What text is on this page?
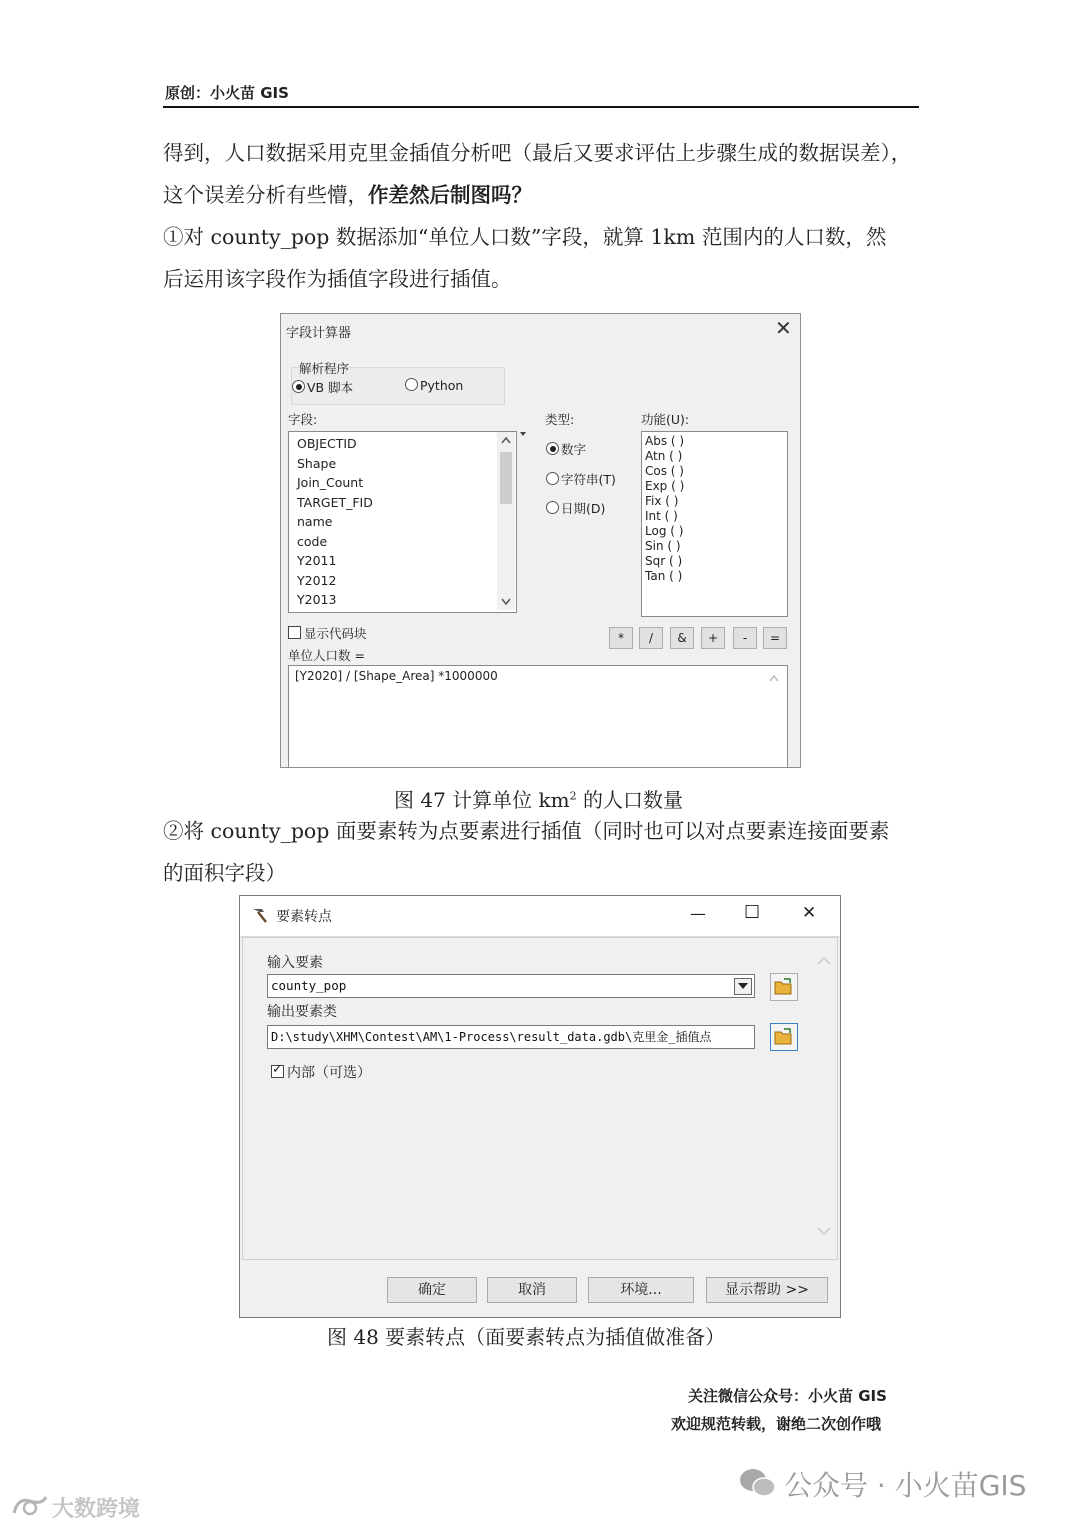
原创：小火苗 GIS
得到，人口数据采用克里金插值分析吧（最后又要求评估上步骤生成的数据误差），
这个误差分析有些懵，作差然后制图吗？
①对 county_pop 数据添加“单位人口数”字段，就算 1km 范围内的人口数，然
后运用该字段作为插值字段进行插值。
字段计算器	✕
解析程序
VB 脚本	Python
字段:
OBJECTID
Shape
Join_Count
TARGET_FID
name
code
Y2011
Y2012
Y2013
类型:
数字
字符串(T)
日期(D)
功能(U):
Abs ( )
Atn ( )
Cos ( )
Exp ( )
Fix ( )
Int ( )
Log ( )
Sin ( )
Sqr ( )
Tan ( )
显示代码块	*	/	&	+	-	=
单位人口数 =
[Y2020] / [Shape_Area] *1000000
图 47 计算单位 $km^2$ 的人口数量
②将 county_pop 面要素转为点要素进行插值（同时也可以对点要素连接面要素
的面积字段）
要素转点	— ☐ ✕
输入要素
county_pop
输出要素类
D:\study\XHM\Contest\AM\1-Process\result_data.gdb\克里金_插值点
✓内部（可选）
确定	取消	环境...	显示帮助 >>
图 48 要素转点（面要素转点为插值做准备）
关注微信公众号：小火苗 GIS
欢迎规范转载，谢绝二次创作哦
公众号 · 小火苗GIS
大数跨境
